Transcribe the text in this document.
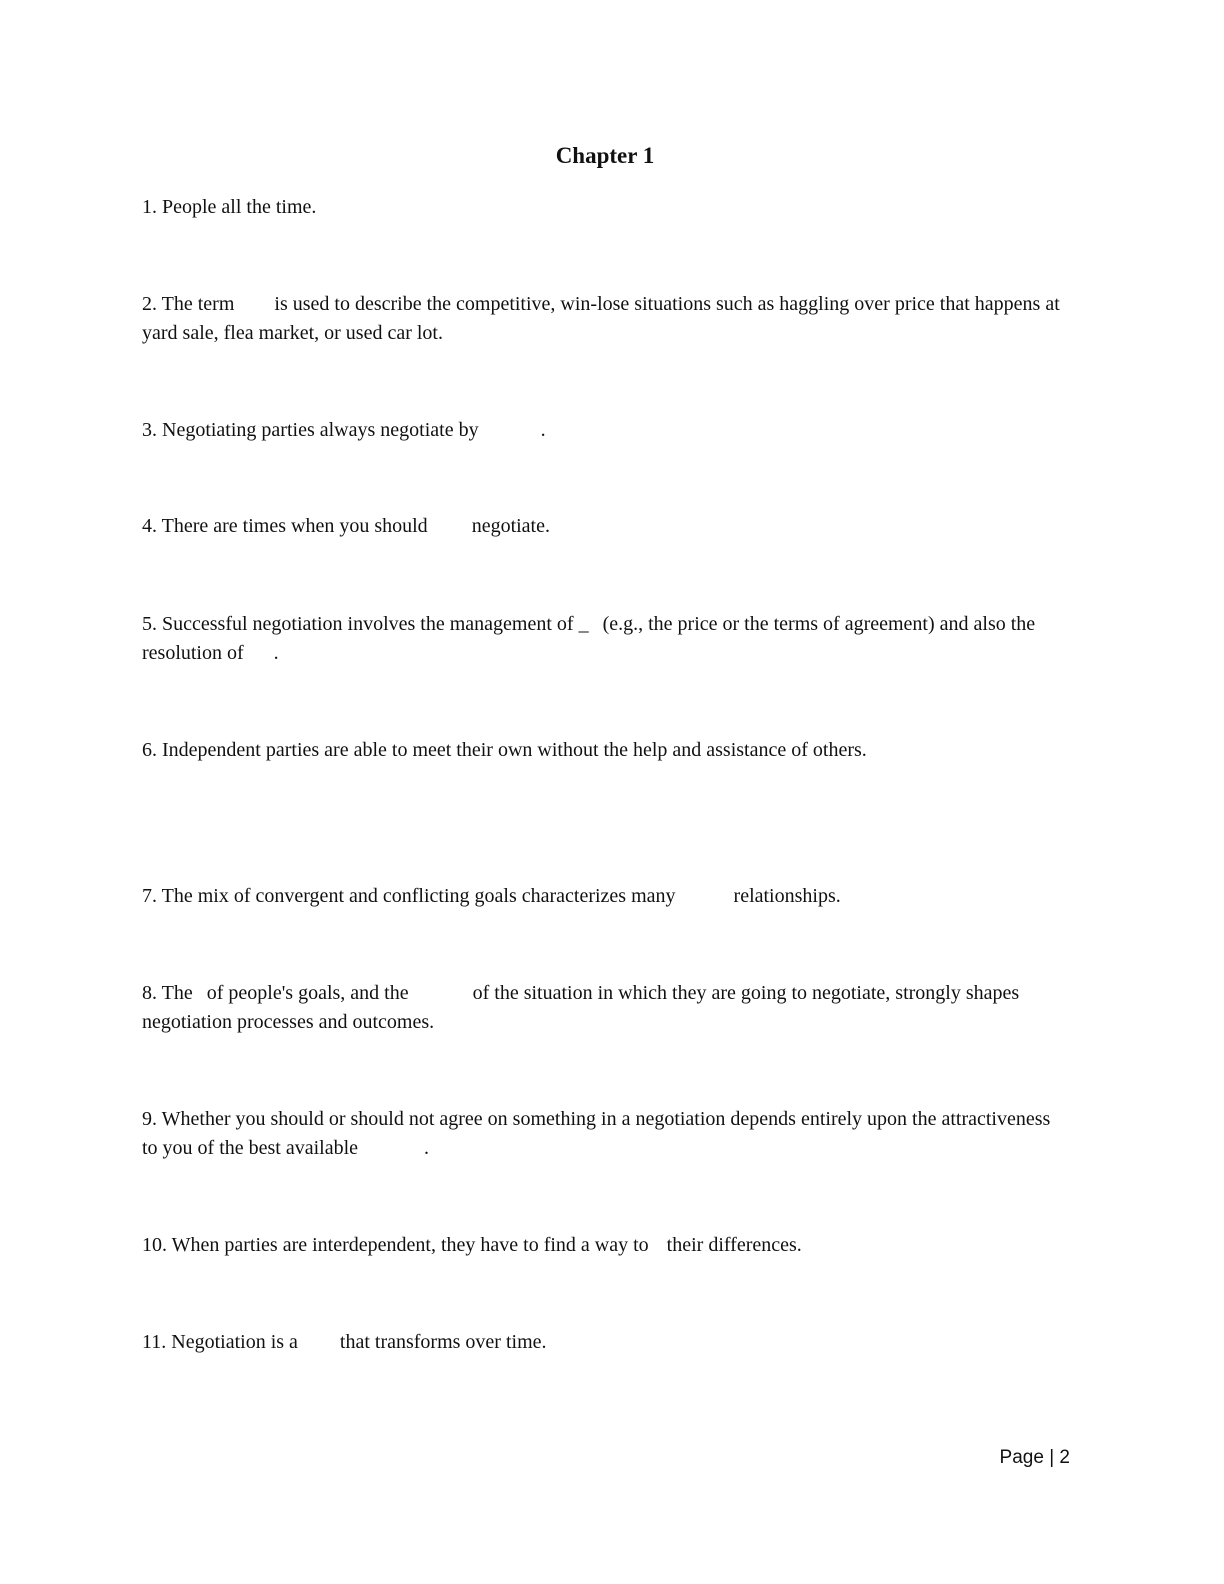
Chapter 1
1. People all the time.
2. The term is used to describe the competitive, win-lose situations such as haggling over price that happens at yard sale, flea market, or used car lot.
3. Negotiating parties always negotiate by	.
4. There are times when you should negotiate.
5. Successful negotiation involves the management of _ (e.g., the price or the terms of agreement) and also the resolution of .
6. Independent parties are able to meet their own without the help and assistance of others.
7. The mix of convergent and conflicting goals characterizes many	relationships.
8. The of people's goals, and the	of the situation in which they are going to negotiate, strongly shapes negotiation processes and outcomes.
9. Whether you should or should not agree on something in a negotiation depends entirely upon the attractiveness to you of the best available	.
10. When parties are interdependent, they have to find a way to their differences.
11. Negotiation is a that transforms over time.
Page | 2
